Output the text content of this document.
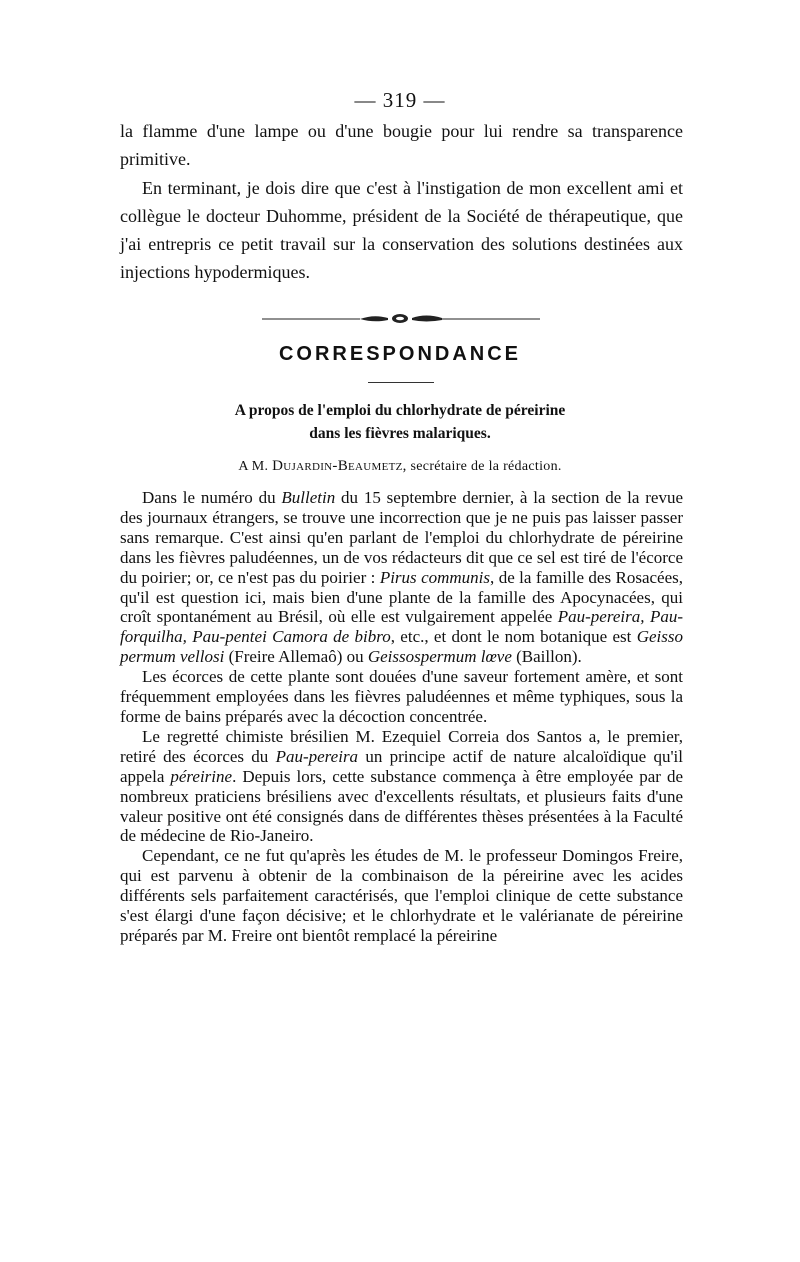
— 319 —

la flamme d'une lampe ou d'une bougie pour lui rendre sa transparence primitive.

En terminant, je dois dire que c'est à l'instigation de mon excellent ami et collègue le docteur Duhomme, président de la Société de thérapeutique, que j'ai entrepris ce petit travail sur la conservation des solutions destinées aux injections hypodermiques.

CORRESPONDANCE
A propos de l'emploi du chlorhydrate de péreirine
dans les fièvres malariques.
A M. Dujardin-Beaumetz, secrétaire de la rédaction.

Dans le numéro du Bulletin du 15 septembre dernier, à la section de la revue des journaux étrangers, se trouve une incorrection que je ne puis pas laisser passer sans remarque. C'est ainsi qu'en parlant de l'emploi du chlorhydrate de péreirine dans les fièvres paludéennes, un de vos rédacteurs dit que ce sel est tiré de l'écorce du poirier; or, ce n'est pas du poirier : Pirus communis, de la famille des Rosacées, qu'il est question ici, mais bien d'une plante de la famille des Apocynacées, qui croît spontanément au Brésil, où elle est vulgairement appelée Pau-pereira, Pau-forquilha, Pau-pentei Camora de bibro, etc., et dont le nom botanique est Geisso permum vellosi (Freire Allemaô) ou Geissospermum lœve (Baillon).

Les écorces de cette plante sont douées d'une saveur fortement amère, et sont fréquemment employées dans les fièvres paludéennes et même typhiques, sous la forme de bains préparés avec la décoction concentrée.

Le regretté chimiste brésilien M. Ezequiel Correia dos Santos a, le premier, retiré des écorces du Pau-pereira un principe actif de nature alcaloïdique qu'il appela péreirine. Depuis lors, cette substance commença à être employée par de nombreux praticiens brésiliens avec d'excellents résultats, et plusieurs faits d'une valeur positive ont été consignés dans de différentes thèses présentées à la Faculté de médecine de Rio-Janeiro.

Cependant, ce ne fut qu'après les études de M. le professeur Domingos Freire, qui est parvenu à obtenir de la combinaison de la péreirine avec les acides différents sels parfaitement caractérisés, que l'emploi clinique de cette substance s'est élargi d'une façon décisive; et le chlorhydrate et le valérianate de péreirine préparés par M. Freire ont bientôt remplacé la péreirine
